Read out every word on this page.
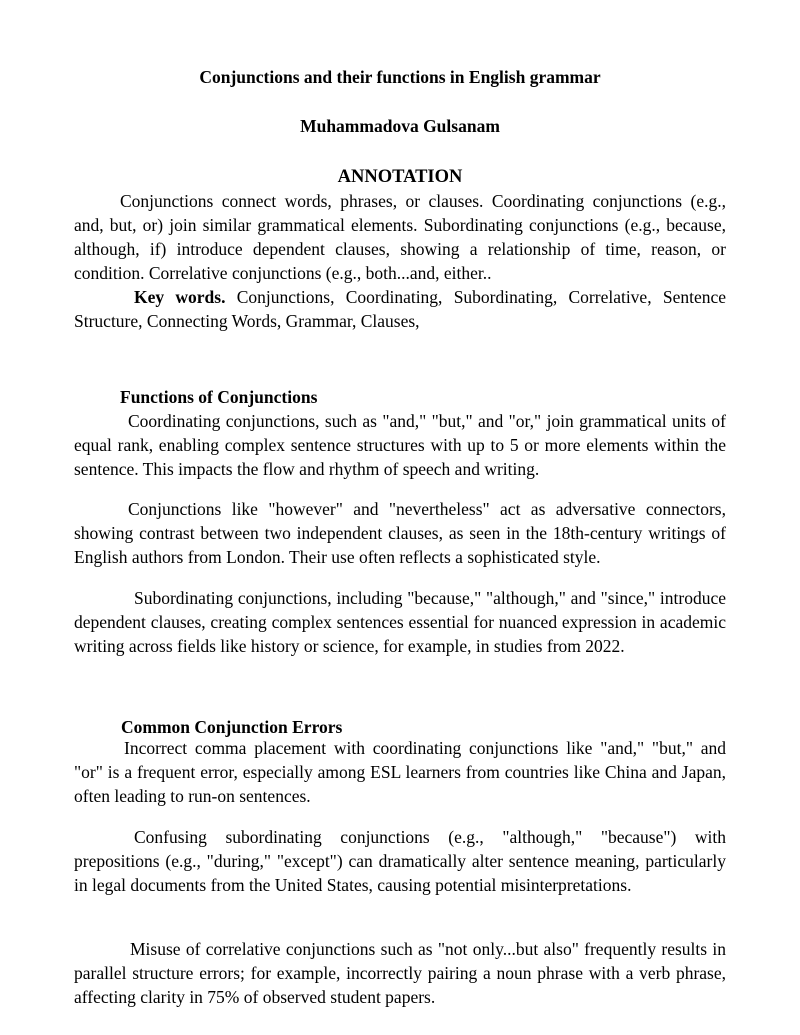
Conjunctions and their functions in English grammar
Muhammadova Gulsanam
ANNOTATION

Conjunctions connect words, phrases, or clauses. Coordinating conjunctions (e.g., and, but, or) join similar grammatical elements. Subordinating conjunctions (e.g., because, although, if) introduce dependent clauses, showing a relationship of time, reason, or condition. Correlative conjunctions (e.g., both...and, either..

Key words. Conjunctions, Coordinating, Subordinating, Correlative, Sentence Structure, Connecting Words, Grammar, Clauses,

Functions of Conjunctions

Coordinating conjunctions, such as "and," "but," and "or," join grammatical units of equal rank, enabling complex sentence structures with up to 5 or more elements within the sentence. This impacts the flow and rhythm of speech and writing.

Conjunctions like "however" and "nevertheless" act as adversative connectors, showing contrast between two independent clauses, as seen in the 18th-century writings of English authors from London. Their use often reflects a sophisticated style.

Subordinating conjunctions, including "because," "although," and "since," introduce dependent clauses, creating complex sentences essential for nuanced expression in academic writing across fields like history or science, for example, in studies from 2022.

Common Conjunction Errors

Incorrect comma placement with coordinating conjunctions like "and," "but," and "or" is a frequent error, especially among ESL learners from countries like China and Japan, often leading to run-on sentences.

Confusing subordinating conjunctions (e.g., "although," "because") with prepositions (e.g., "during," "except") can dramatically alter sentence meaning, particularly in legal documents from the United States, causing potential misinterpretations.

Misuse of correlative conjunctions such as "not only...but also" frequently results in parallel structure errors; for example, incorrectly pairing a noun phrase with a verb phrase, affecting clarity in 75% of observed student papers.
